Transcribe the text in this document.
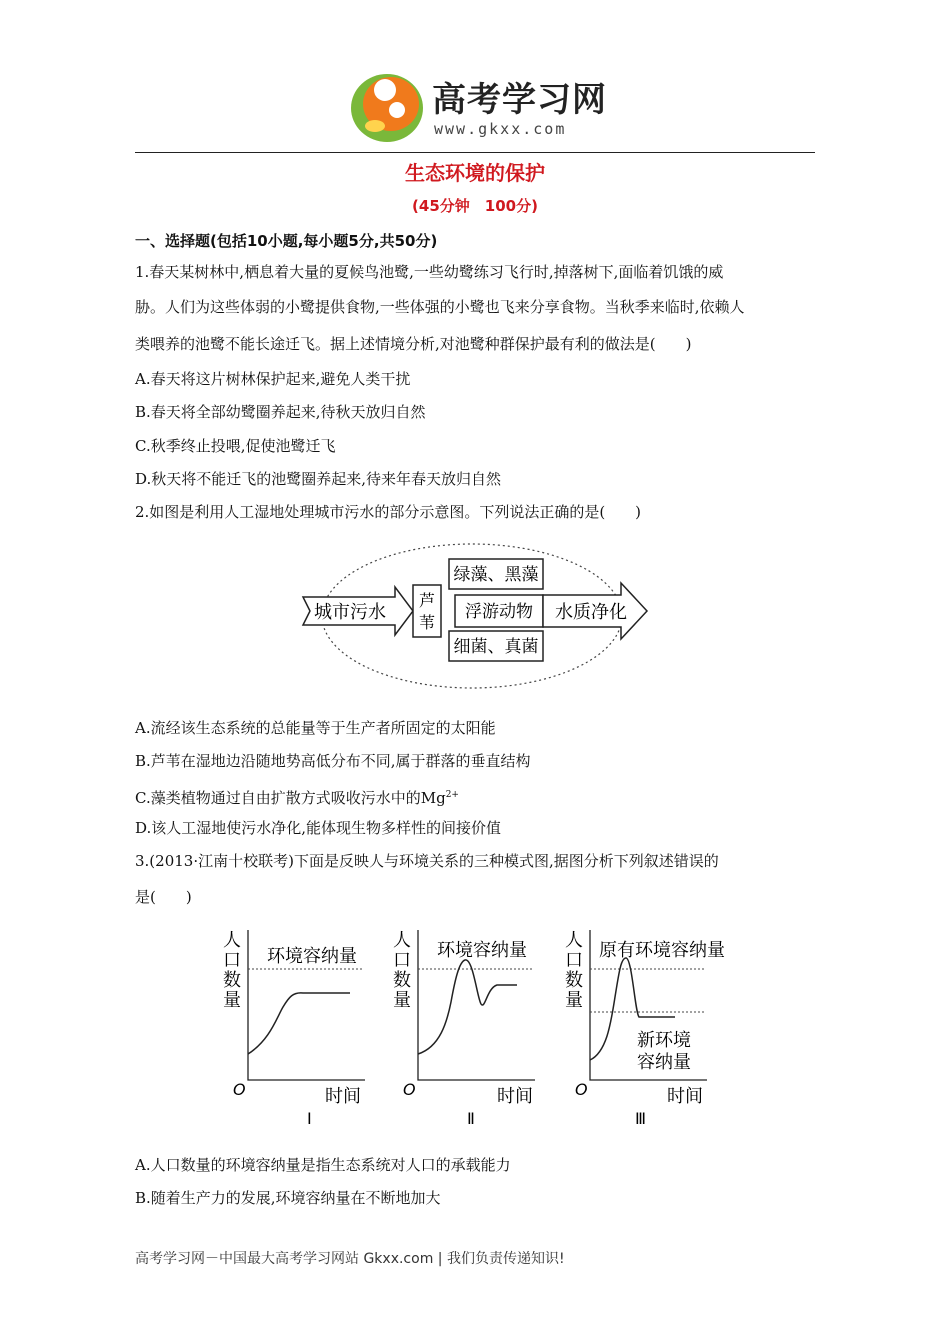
高考学习网
www.gkxx.com
生态环境的保护
(45分钟　100分)
一、选择题(包括10小题,每小题5分,共50分)
1.春天某树林中,栖息着大量的夏候鸟池鹭,一些幼鹭练习飞行时,掉落树下,面临着饥饿的威
胁。人们为这些体弱的小鹭提供食物,一些体强的小鹭也飞来分享食物。当秋季来临时,依赖人
类喂养的池鹭不能长途迁飞。据上述情境分析,对池鹭种群保护最有利的做法是(　　)
A.春天将这片树林保护起来,避免人类干扰
B.春天将全部幼鹭圈养起来,待秋天放归自然
C.秋季终止投喂,促使池鹭迁飞
D.秋天将不能迁飞的池鹭圈养起来,待来年春天放归自然
2.如图是利用人工湿地处理城市污水的部分示意图。下列说法正确的是(　　)
城市污水
芦
苇
绿藻、黑藻
浮游动物
细菌、真菌
水质净化
A.流经该生态系统的总能量等于生产者所固定的太阳能
B.芦苇在湿地边沿随地势高低分布不同,属于群落的垂直结构
C.藻类植物通过自由扩散方式吸收污水中的$Mg^{2+}$
D.该人工湿地使污水净化,能体现生物多样性的间接价值
3.(2013·江南十校联考)下面是反映人与环境关系的三种模式图,据图分析下列叙述错误的
是(　　)
人
口
数
量
环境容纳量
O	时间
Ⅰ
人
口
数
量
环境容纳量
O	时间
Ⅱ
人
口
数
量
原有环境容纳量
新环境
容纳量
O	时间
Ⅲ
A.人口数量的环境容纳量是指生态系统对人口的承载能力
B.随着生产力的发展,环境容纳量在不断地加大
高考学习网－中国最大高考学习网站 Gkxx.com | 我们负责传递知识!
